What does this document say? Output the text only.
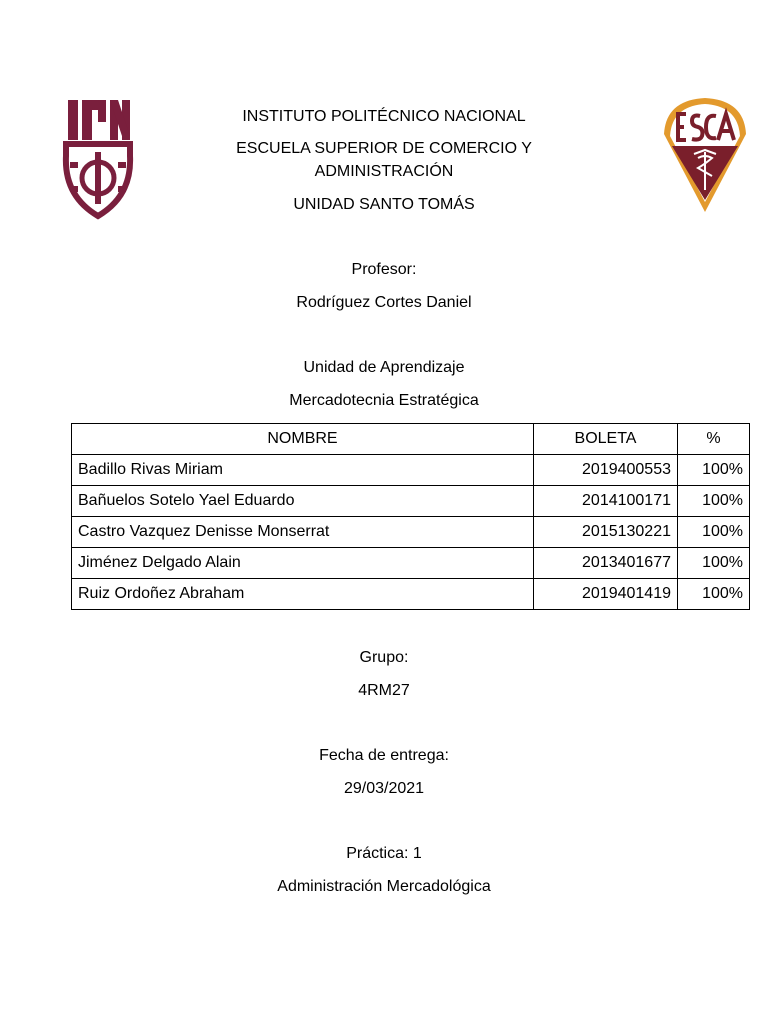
INSTITUTO POLITÉCNICO NACIONAL
ESCUELA SUPERIOR DE COMERCIO Y
ADMINISTRACIÓN
UNIDAD SANTO TOMÁS
Profesor:
Rodríguez Cortes Daniel
Unidad de Aprendizaje
Mercadotecnia Estratégica
NOMBRE	BOLETA	%
Badillo Rivas Miriam	2019400553	100%
Bañuelos Sotelo Yael Eduardo	2014100171	100%
Castro Vazquez Denisse Monserrat	2015130221	100%
Jiménez Delgado Alain	2013401677	100%
Ruiz Ordoñez Abraham	2019401419	100%
Grupo:
4RM27
Fecha de entrega:
29/03/2021
Práctica: 1
Administración Mercadológica
